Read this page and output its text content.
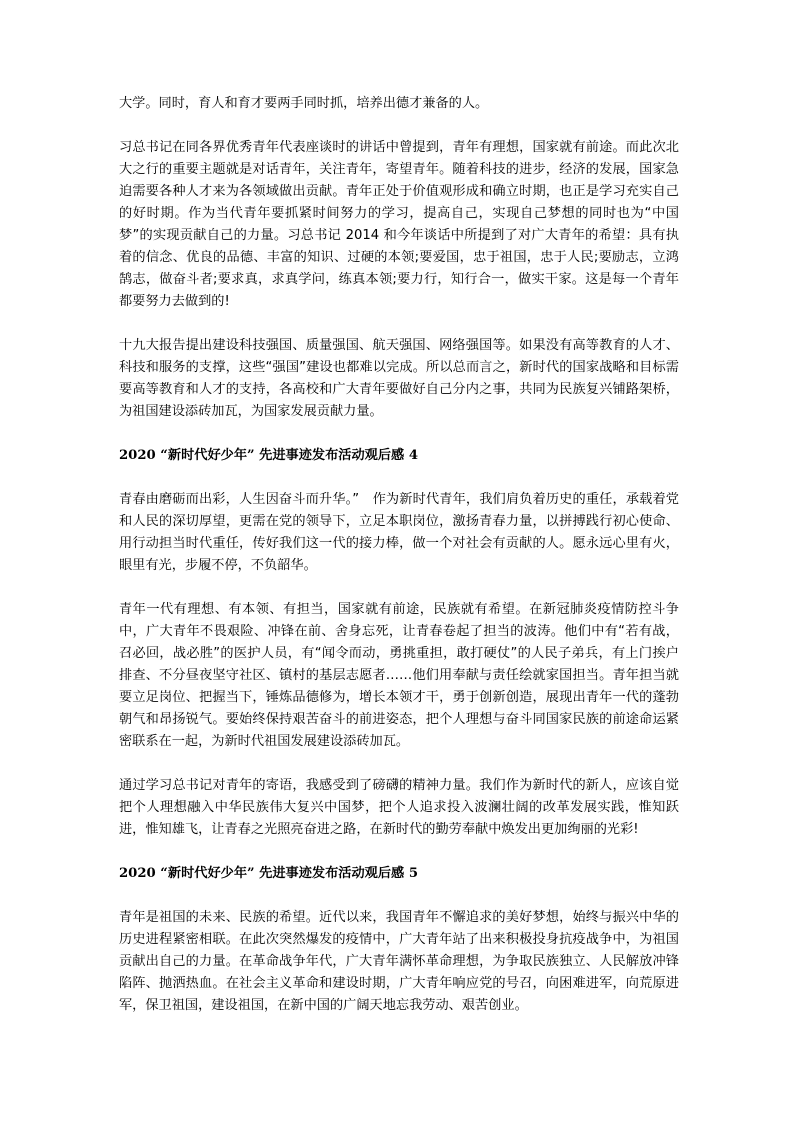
大学。同时，育人和育才要两手同时抓，培养出德才兼备的人。

习总书记在同各界优秀青年代表座谈时的讲话中曾提到，青年有理想，国家就有前途。而此次北大之行的重要主题就是对话青年，关注青年，寄望青年。随着科技的进步，经济的发展，国家急迫需要各种人才来为各领域做出贡献。青年正处于价值观形成和确立时期，也正是学习充实自己的好时期。作为当代青年要抓紧时间努力的学习，提高自己，实现自己梦想的同时也为“中国梦”的实现贡献自己的力量。习总书记 2014 和今年谈话中所提到了对广大青年的希望：具有执着的信念、优良的品德、丰富的知识、过硬的本领;要爱国，忠于祖国，忠于人民;要励志，立鸿鹄志，做奋斗者;要求真，求真学问，练真本领;要力行，知行合一，做实干家。这是每一个青年都要努力去做到的!

十九大报告提出建设科技强国、质量强国、航天强国、网络强国等。如果没有高等教育的人才、科技和服务的支撑，这些“强国”建设也都难以完成。所以总而言之，新时代的国家战略和目标需要高等教育和人才的支持，各高校和广大青年要做好自己分内之事，共同为民族复兴铺路架桥，为祖国建设添砖加瓦，为国家发展贡献力量。

2020 “新时代好少年” 先进事迹发布活动观后感 4

青春由磨砺而出彩，人生因奋斗而升华。”　作为新时代青年，我们肩负着历史的重任，承载着党和人民的深切厚望，更需在党的领导下，立足本职岗位，激扬青春力量，以拼搏践行初心使命、用行动担当时代重任，传好我们这一代的接力棒，做一个对社会有贡献的人。愿永远心里有火，眼里有光，步履不停，不负韶华。

青年一代有理想、有本领、有担当，国家就有前途，民族就有希望。在新冠肺炎疫情防控斗争中，广大青年不畏艰险、冲锋在前、舍身忘死，让青春卷起了担当的波涛。他们中有“若有战，召必回，战必胜”的医护人员，有“闻令而动，勇挑重担，敢打硬仗”的人民子弟兵，有上门挨户排查、不分昼夜坚守社区、镇村的基层志愿者……他们用奉献与责任绘就家国担当。青年担当就要立足岗位、把握当下，锤炼品德修为，增长本领才干，勇于创新创造，展现出青年一代的蓬勃朝气和昂扬锐气。要始终保持艰苦奋斗的前进姿态，把个人理想与奋斗同国家民族的前途命运紧密联系在一起，为新时代祖国发展建设添砖加瓦。

通过学习总书记对青年的寄语，我感受到了磅礴的精神力量。我们作为新时代的新人，应该自觉把个人理想融入中华民族伟大复兴中国梦，把个人追求投入波澜壮阔的改革发展实践，惟知跃进，惟知雄飞，让青春之光照亮奋进之路，在新时代的勤劳奉献中焕发出更加绚丽的光彩!

2020 “新时代好少年” 先进事迹发布活动观后感 5

青年是祖国的未来、民族的希望。近代以来，我国青年不懈追求的美好梦想，始终与振兴中华的历史进程紧密相联。在此次突然爆发的疫情中，广大青年站了出来积极投身抗疫战争中，为祖国贡献出自己的力量。在革命战争年代，广大青年满怀革命理想，为争取民族独立、人民解放冲锋陷阵、抛洒热血。在社会主义革命和建设时期，广大青年响应党的号召，向困难进军，向荒原进军，保卫祖国，建设祖国，在新中国的广阔天地忘我劳动、艰苦创业。
